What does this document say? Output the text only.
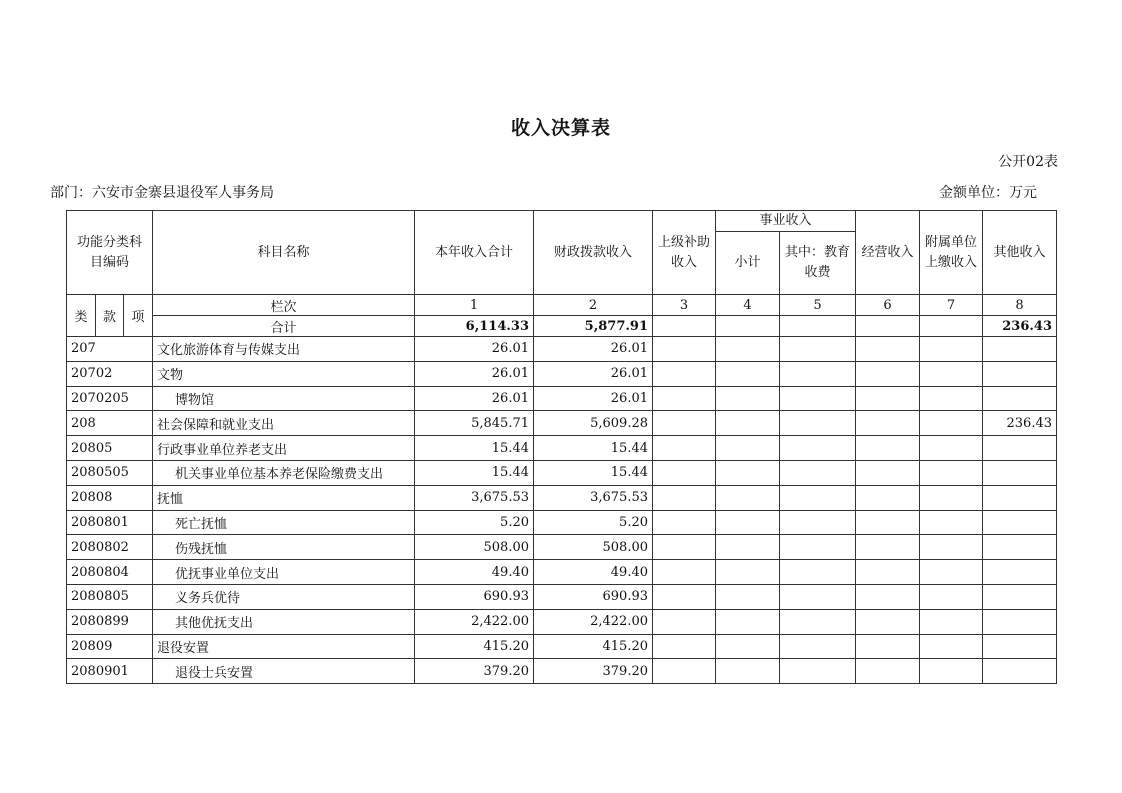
收入决算表
公开02表
部门：六安市金寨县退役军人事务局	金额单位：万元
功能分类科目编码			科目名称	本年收入合计	财政拨款收入	上级补助收入	事业收入		经营收入	附属单位上缴收入	其他收入
							小计	其中：教育收费			
类	款	项	栏次	1	2	3	4	5	6	7	8
			合计	6,114.33	5,877.91						236.43
207			文化旅游体育与传媒支出	26.01	26.01						
20702			文物	26.01	26.01						
2070205			博物馆	26.01	26.01						
208			社会保障和就业支出	5,845.71	5,609.28						236.43
20805			行政事业单位养老支出	15.44	15.44						
2080505			机关事业单位基本养老保险缴费支出	15.44	15.44						
20808			抚恤	3,675.53	3,675.53						
2080801			死亡抚恤	5.20	5.20						
2080802			伤残抚恤	508.00	508.00						
2080804			优抚事业单位支出	49.40	49.40						
2080805			义务兵优待	690.93	690.93						
2080899			其他优抚支出	2,422.00	2,422.00						
20809			退役安置	415.20	415.20						
2080901			退役士兵安置	379.20	379.20						
